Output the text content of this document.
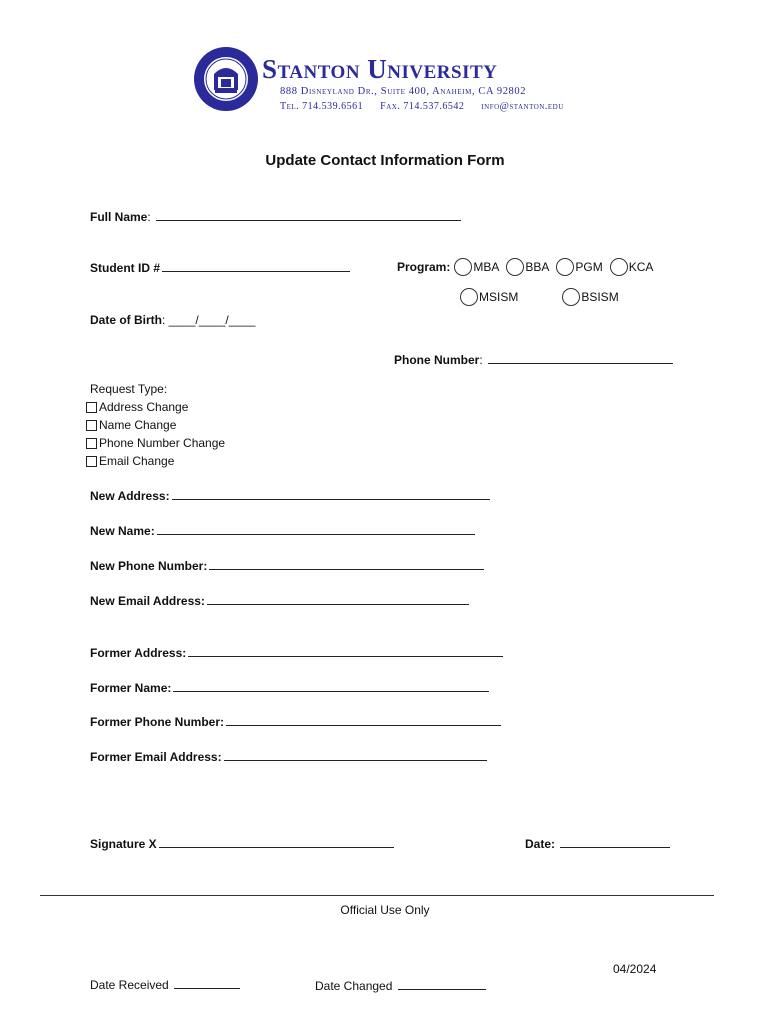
Stanton University
888 Disneyland Dr., Suite 400, Anaheim, CA 92802
Tel. 714.539.6561 Fax. 714.537.6542 info@stanton.edu
Update Contact Information Form
Full Name:
Student ID #	Program : MBA BBA PGM KCA
MSISM	BSISM
Date of Birth: ____/____/____
Phone Number:
Request Type:
Address Change
Name Change
Phone Number Change
Email Change
New Address:
New Name:
New Phone Number:
New Email Address:
Former Address:
Former Name:
Former Phone Number:
Former Email Address:
Signature X	Date:
Official Use Only
04/2024
Date Received	Date Changed
